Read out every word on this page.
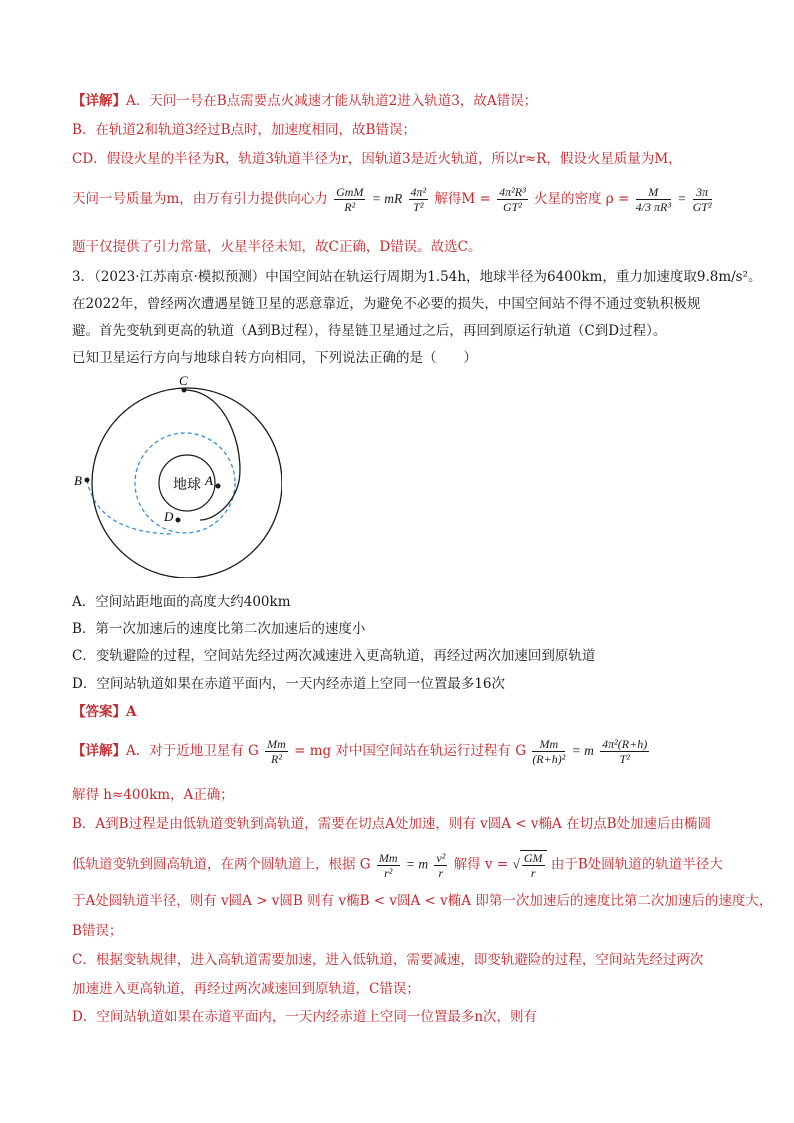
【详解】A．天问一号在B点需要点火减速才能从轨道2进入轨道3，故A错误；
B．在轨道2和轨道3经过B点时，加速度相同，故B错误；
CD．假设火星的半径为R，轨道3轨道半径为r，因轨道3是近火轨道，所以r≈R，假设火星质量为M，
天问一号质量为m，由万有引力提供向心力 $\frac{\text{GmM}}{\text{R²}}$ = mR $\frac{\text{4π²}}{\text{T²}}$ 解得$M = \frac{\text{4π²R³}}{\text{GT²}}$ 火星的密度 $\rho = \frac{M}{\text{4/3 πR³}} = \frac{3\pi}{\text{GT²}}$
题干仅提供了引力常量，火星半径未知，故C正确，D错误。故选C。
3．（2023·江苏南京·模拟预测）中国空间站在轨运行周期为1.54h，地球半径为6400km，重力加速度取9.8m/s²。
在2022年，曾经两次遭遇星链卫星的恶意靠近，为避免不必要的损失，中国空间站不得不通过变轨积极规
避。首先变轨到更高的轨道（A到B过程），待星链卫星通过之后，再回到原运行轨道（C到D过程）。
已知卫星运行方向与地球自转方向相同，下列说法正确的是（　　）
地球
C
B	A
D
A．空间站距地面的高度大约400km
B．第一次加速后的速度比第二次加速后的速度小
C．变轨避险的过程，空间站先经过两次减速进入更高轨道，再经过两次加速回到原轨道
D．空间站轨道如果在赤道平面内，一天内经赤道上空同一位置最多16次
【答案】A
【详解】A．对于近地卫星有 G $\frac{Mm}{\text{R²}}$ = mg 对中国空间站在轨运行过程有 G $\frac{Mm}{\text{(R+h)²}} = m \frac{\text{4π²(R+h)}}{\text{T²}}$
解得 h≈400km，A正确；
B．A到B过程是由低轨道变轨到高轨道，需要在切点A处加速，则有 v圆A < v椭A 在切点B处加速后由椭圆
低轨道变轨到圆高轨道，在两个圆轨道上，根据 G $\frac{Mm}{\text{r²}} = m \frac{\text{v²}}{r}$ 解得 v = √ $\frac{GM}{r}$ 由于B处圆轨道的轨道半径大
于A处圆轨道半径，则有 v圆A > v圆B 则有 v椭B < v圆A < v椭A 即第一次加速后的速度比第二次加速后的速度大，
B错误；
C．根据变轨规律，进入高轨道需要加速，进入低轨道，需要减速，即变轨避险的过程，空间站先经过两次
加速进入更高轨道，再经过两次减速回到原轨道，C错误；
D．空间站轨道如果在赤道平面内，一天内经赤道上空同一位置最多n次，则有
